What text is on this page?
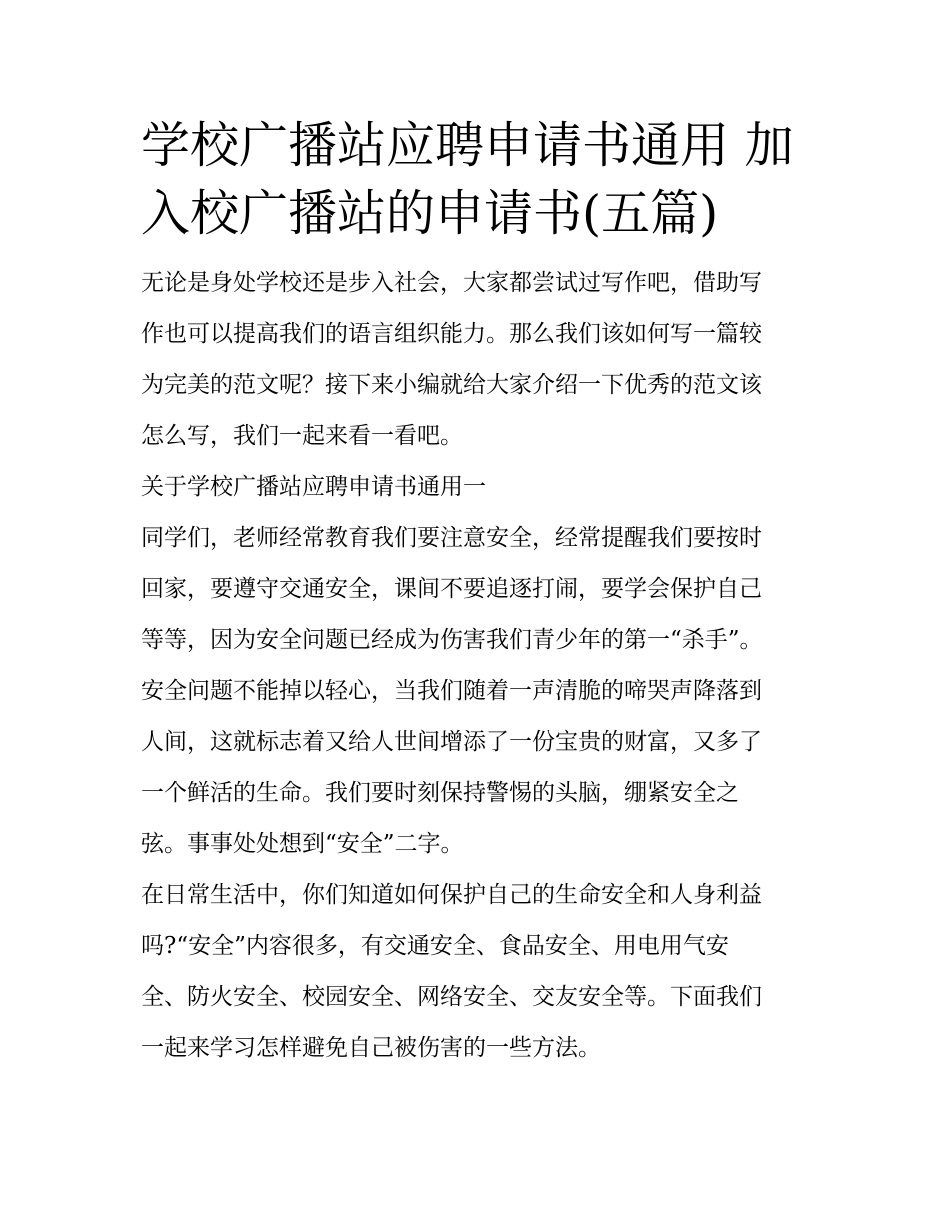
学校广播站应聘申请书通用 加
入校广播站的申请书(五篇)
无论是身处学校还是步入社会，大家都尝试过写作吧，借助写
作也可以提高我们的语言组织能力。那么我们该如何写一篇较
为完美的范文呢？接下来小编就给大家介绍一下优秀的范文该
怎么写，我们一起来看一看吧。
关于学校广播站应聘申请书通用一
同学们，老师经常教育我们要注意安全，经常提醒我们要按时
回家，要遵守交通安全，课间不要追逐打闹，要学会保护自己
等等，因为安全问题已经成为伤害我们青少年的第一“杀手”。
安全问题不能掉以轻心，当我们随着一声清脆的啼哭声降落到
人间，这就标志着又给人世间增添了一份宝贵的财富，又多了
一个鲜活的生命。我们要时刻保持警惕的头脑，绷紧安全之
弦。事事处处想到“安全”二字。
在日常生活中，你们知道如何保护自己的生命安全和人身利益
吗?“安全”内容很多，有交通安全、食品安全、用电用气安
全、防火安全、校园安全、网络安全、交友安全等。下面我们
一起来学习怎样避免自己被伤害的一些方法。
